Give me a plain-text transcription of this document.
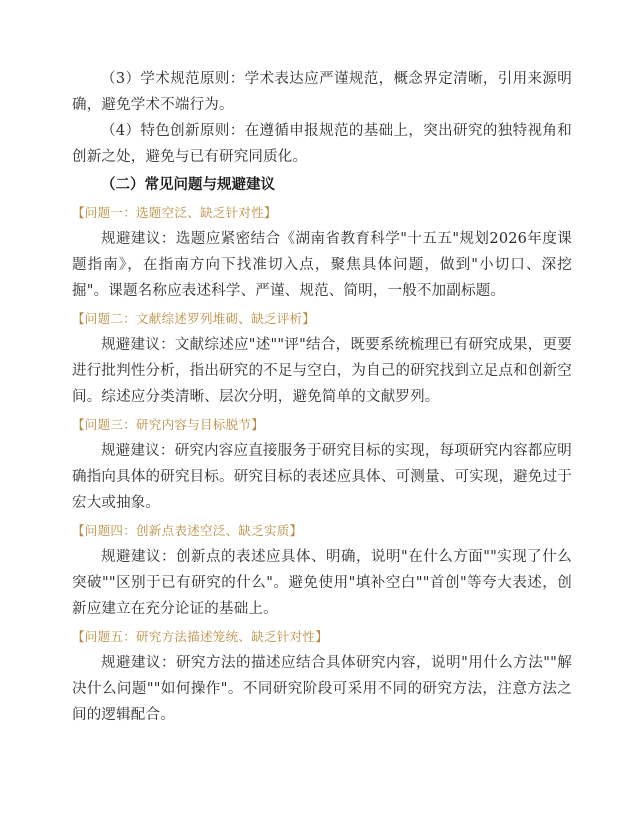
（3）学术规范原则：学术表达应严谨规范，概念界定清晰，引用来源明确，避免学术不端行为。

（4）特色创新原则：在遵循申报规范的基础上，突出研究的独特视角和创新之处，避免与已有研究同质化。

（二）常见问题与规避建议
【问题一：选题空泛、缺乏针对性】

规避建议：选题应紧密结合《湖南省教育科学"十五五"规划2026年度课题指南》，在指南方向下找准切入点，聚焦具体问题，做到"小切口、深挖掘"。课题名称应表述科学、严谨、规范、简明，一般不加副标题。

【问题二：文献综述罗列堆砌、缺乏评析】

规避建议：文献综述应"述""评"结合，既要系统梳理已有研究成果，更要进行批判性分析，指出研究的不足与空白，为自己的研究找到立足点和创新空间。综述应分类清晰、层次分明，避免简单的文献罗列。

【问题三：研究内容与目标脱节】

规避建议：研究内容应直接服务于研究目标的实现，每项研究内容都应明确指向具体的研究目标。研究目标的表述应具体、可测量、可实现，避免过于宏大或抽象。

【问题四：创新点表述空泛、缺乏实质】

规避建议：创新点的表述应具体、明确，说明"在什么方面""实现了什么突破""区别于已有研究的什么"。避免使用"填补空白""首创"等夸大表述，创新应建立在充分论证的基础上。

【问题五：研究方法描述笼统、缺乏针对性】

规避建议：研究方法的描述应结合具体研究内容，说明"用什么方法""解决什么问题""如何操作"。不同研究阶段可采用不同的研究方法，注意方法之间的逻辑配合。
